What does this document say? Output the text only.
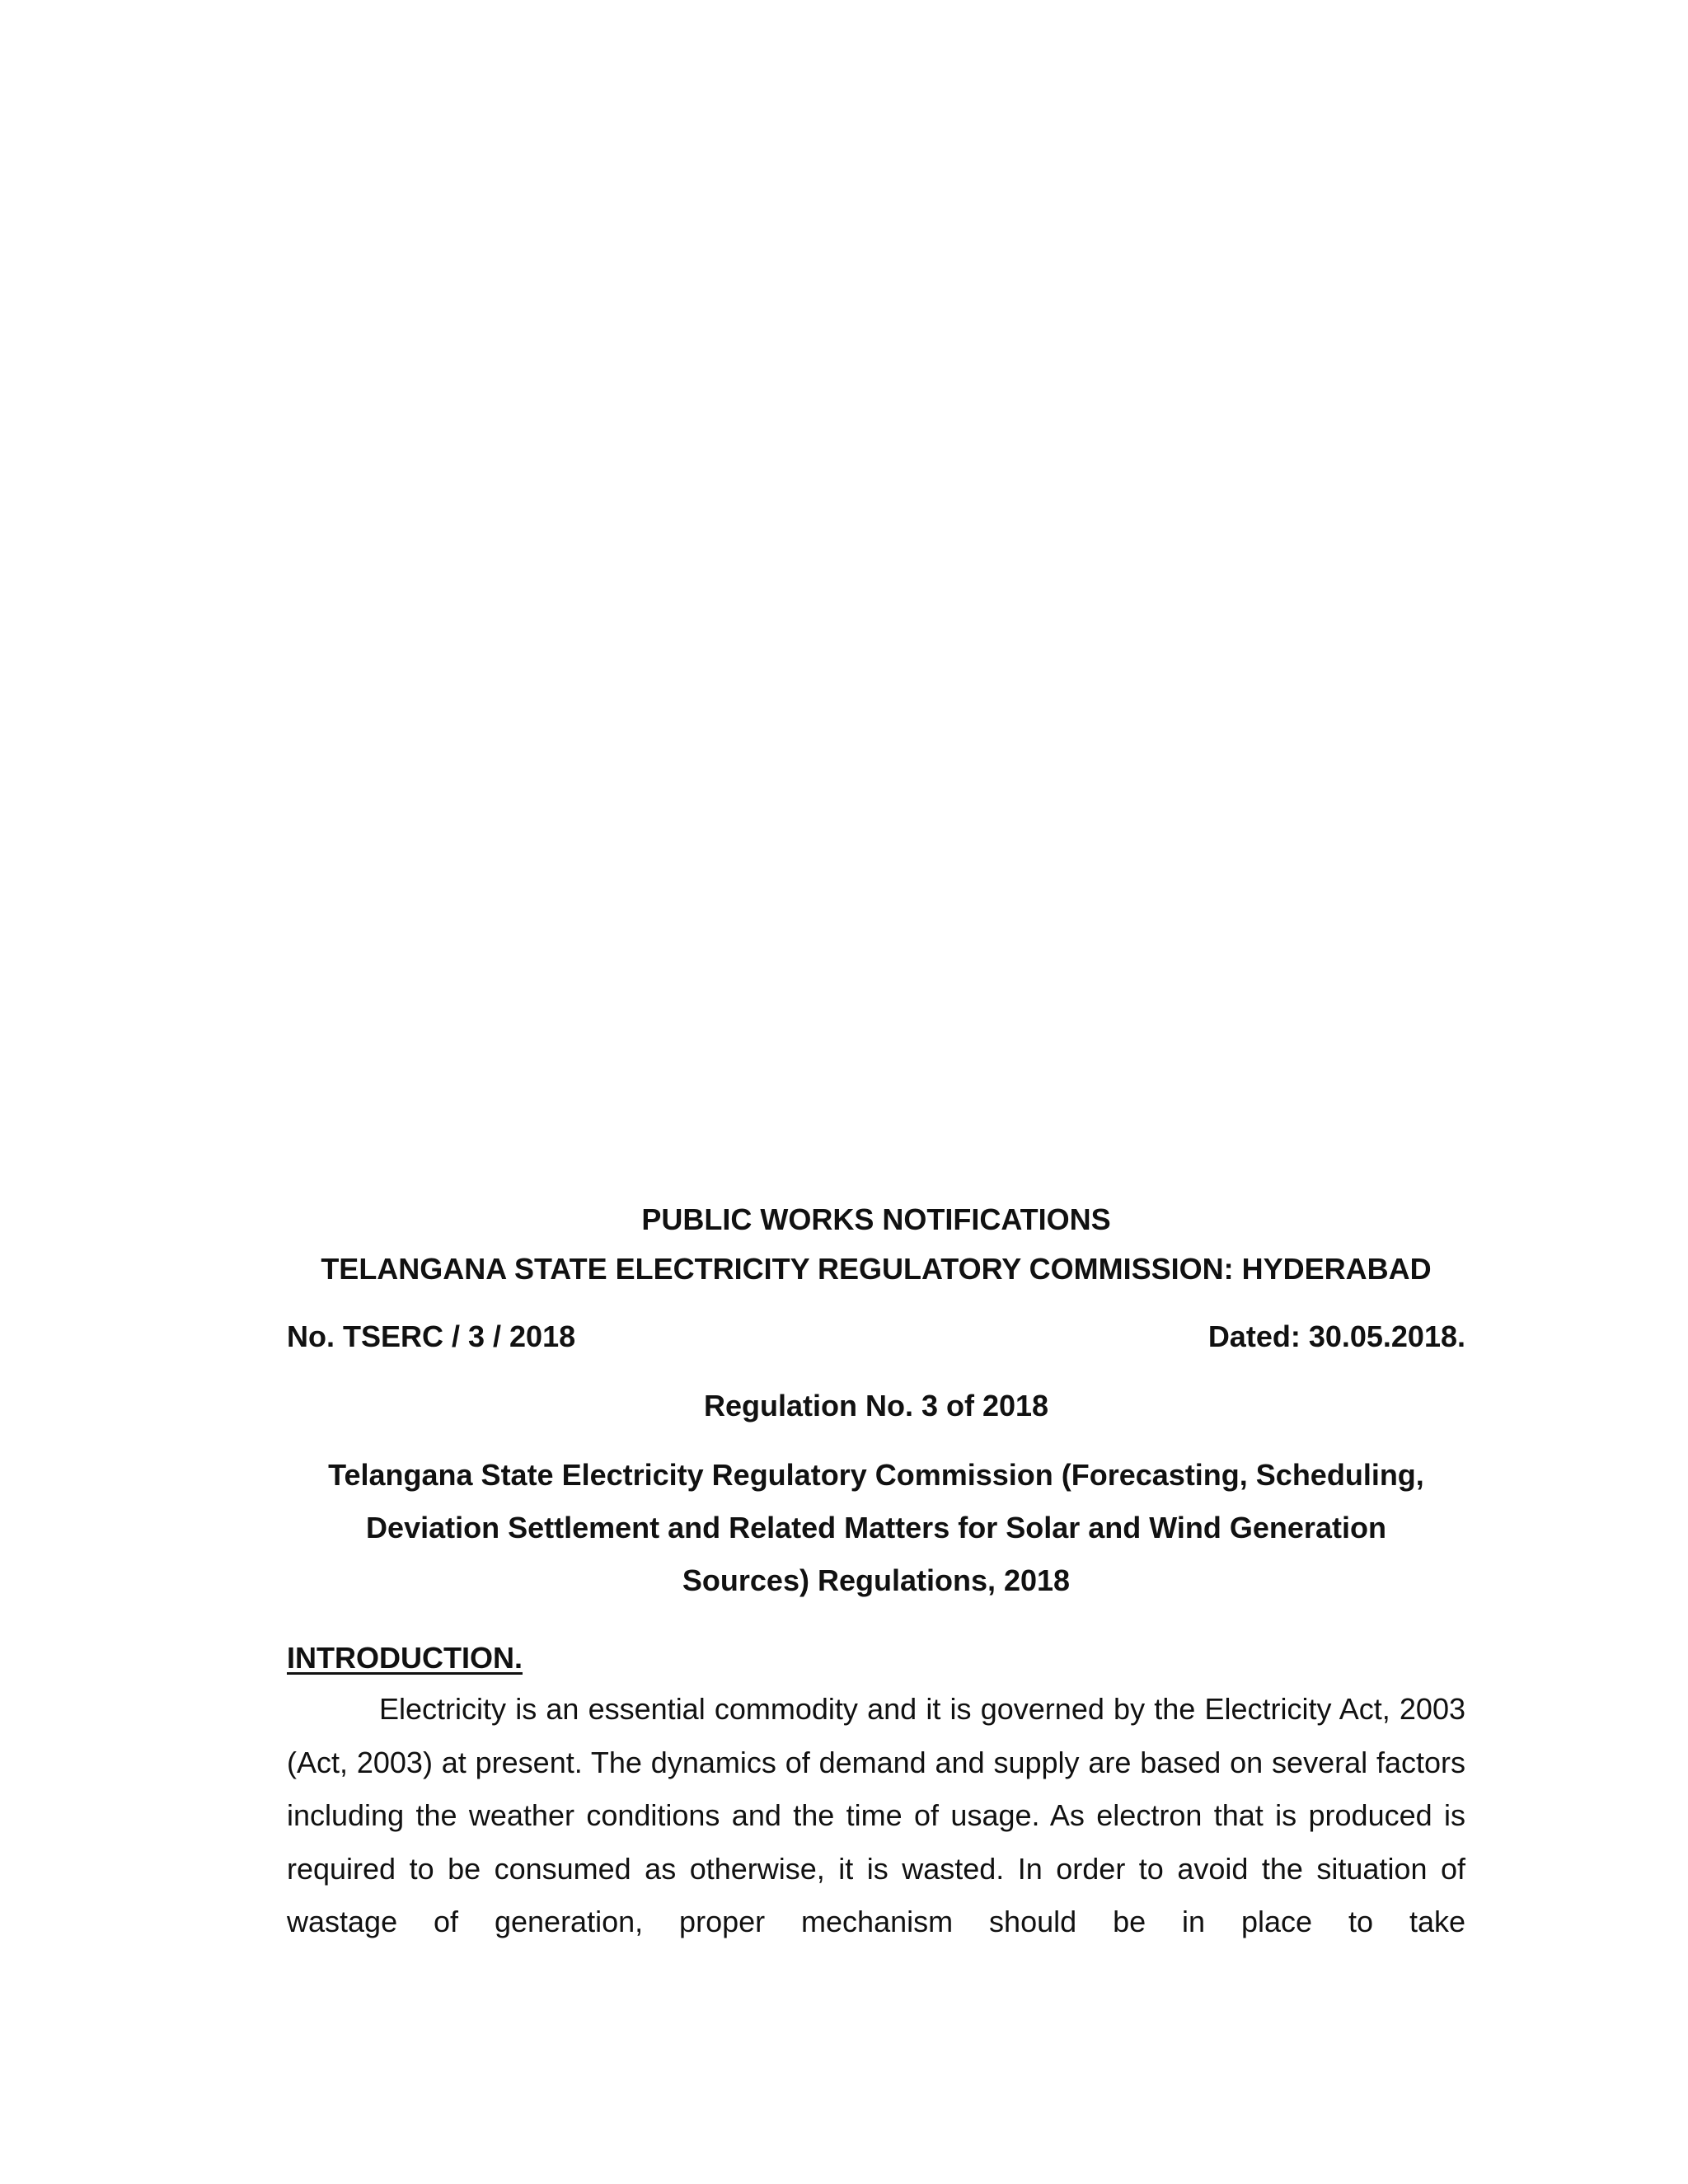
PUBLIC WORKS NOTIFICATIONS
TELANGANA STATE ELECTRICITY REGULATORY COMMISSION: HYDERABAD
No. TSERC / 3 / 2018	Dated: 30.05.2018.
Regulation No. 3 of 2018
Telangana State Electricity Regulatory Commission (Forecasting, Scheduling,
Deviation Settlement and Related Matters for Solar and Wind Generation
Sources) Regulations, 2018
INTRODUCTION.

Electricity is an essential commodity and it is governed by the Electricity Act, 2003 (Act, 2003) at present. The dynamics of demand and supply are based on several factors including the weather conditions and the time of usage. As electron that is produced is required to be consumed as otherwise, it is wasted. In order to avoid the situation of wastage of generation, proper mechanism should be in place to take
